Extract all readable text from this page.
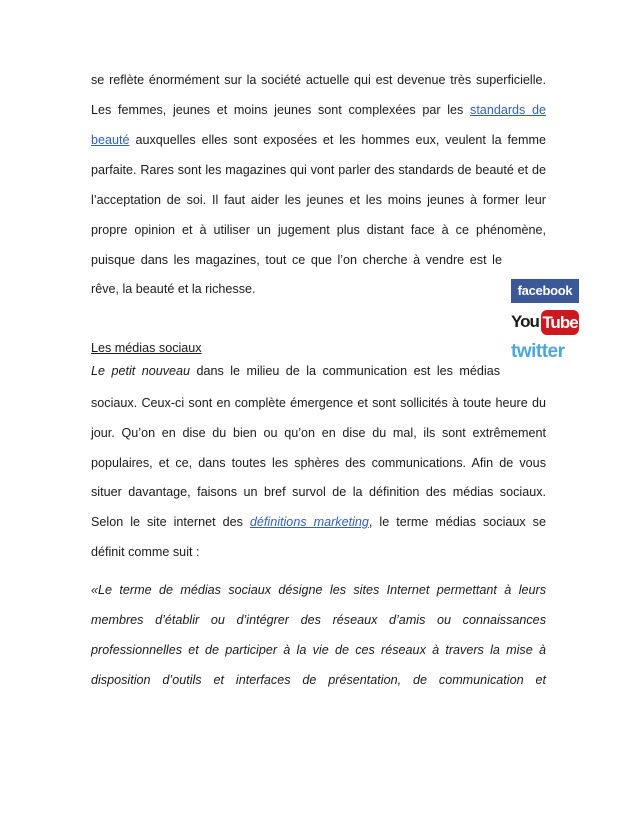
se reflète énormément sur la société actuelle qui est devenue très superficielle.
Les femmes, jeunes et moins jeunes sont complexées par les standards de
beauté auxquelles elles sont exposées et les hommes eux, veulent la femme
parfaite. Rares sont les magazines qui vont parler des standards de beauté et de
l’acceptation de soi. Il faut aider les jeunes et les moins jeunes à former leur
propre opinion et à utiliser un jugement plus distant face à ce phénomène,
puisque dans les magazines, tout ce que l’on cherche à vendre est le
rêve, la beauté et la richesse.
Les médias sociaux
Le petit nouveau dans le milieu de la communication est les médias
sociaux. Ceux-ci sont en complète émergence et sont sollicités à toute heure du
jour. Qu’on en dise du bien ou qu’on en dise du mal, ils sont extrêmement
populaires, et ce, dans toutes les sphères des communications. Afin de vous
situer davantage, faisons un bref survol de la définition des médias sociaux.
Selon le site internet des définitions marketing, le terme médias sociaux se
définit comme suit :
«Le terme de médias sociaux désigne les sites Internet permettant à leurs
membres d’établir ou d’intégrer des réseaux d’amis ou connaissances
professionnelles et de participer à la vie de ces réseaux à travers la mise à
disposition d’outils et interfaces de présentation, de communication et
facebook
You Tube
twitter
